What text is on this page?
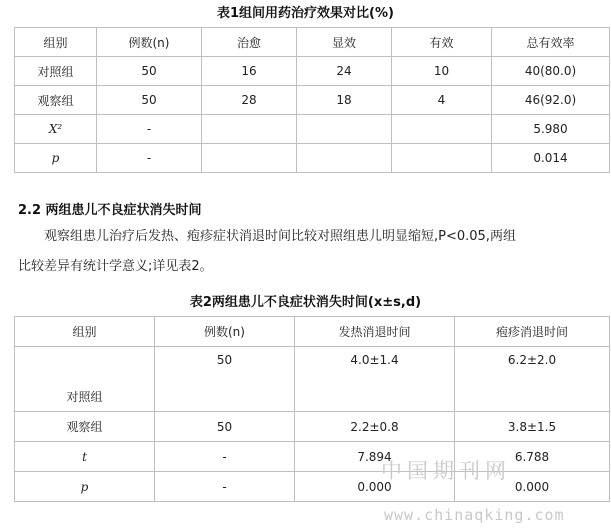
表1组间用药治疗效果对比(%)
组别	例数(n)	治愈	显效	有效	总有效率
对照组	50	16	24	10	40(80.0)
观察组	50	28	18	4	46(92.0)
X²	-				5.980
p	-				0.014
2.2 两组患儿不良症状消失时间
观察组患儿治疗后发热、疱疹症状消退时间比较对照组患儿明显缩短,P<0.05,两组
比较差异有统计学意义;详见表2。
表2两组患儿不良症状消失时间(x±s,d)
组别	例数(n)	发热消退时间	疱疹消退时间
对照组	50	4.0±1.4	6.2±2.0
观察组	50	2.2±0.8	3.8±1.5
t	-	7.894	6.788
p	-	0.000	0.000
中国期刊网
www.chinaqking.com
